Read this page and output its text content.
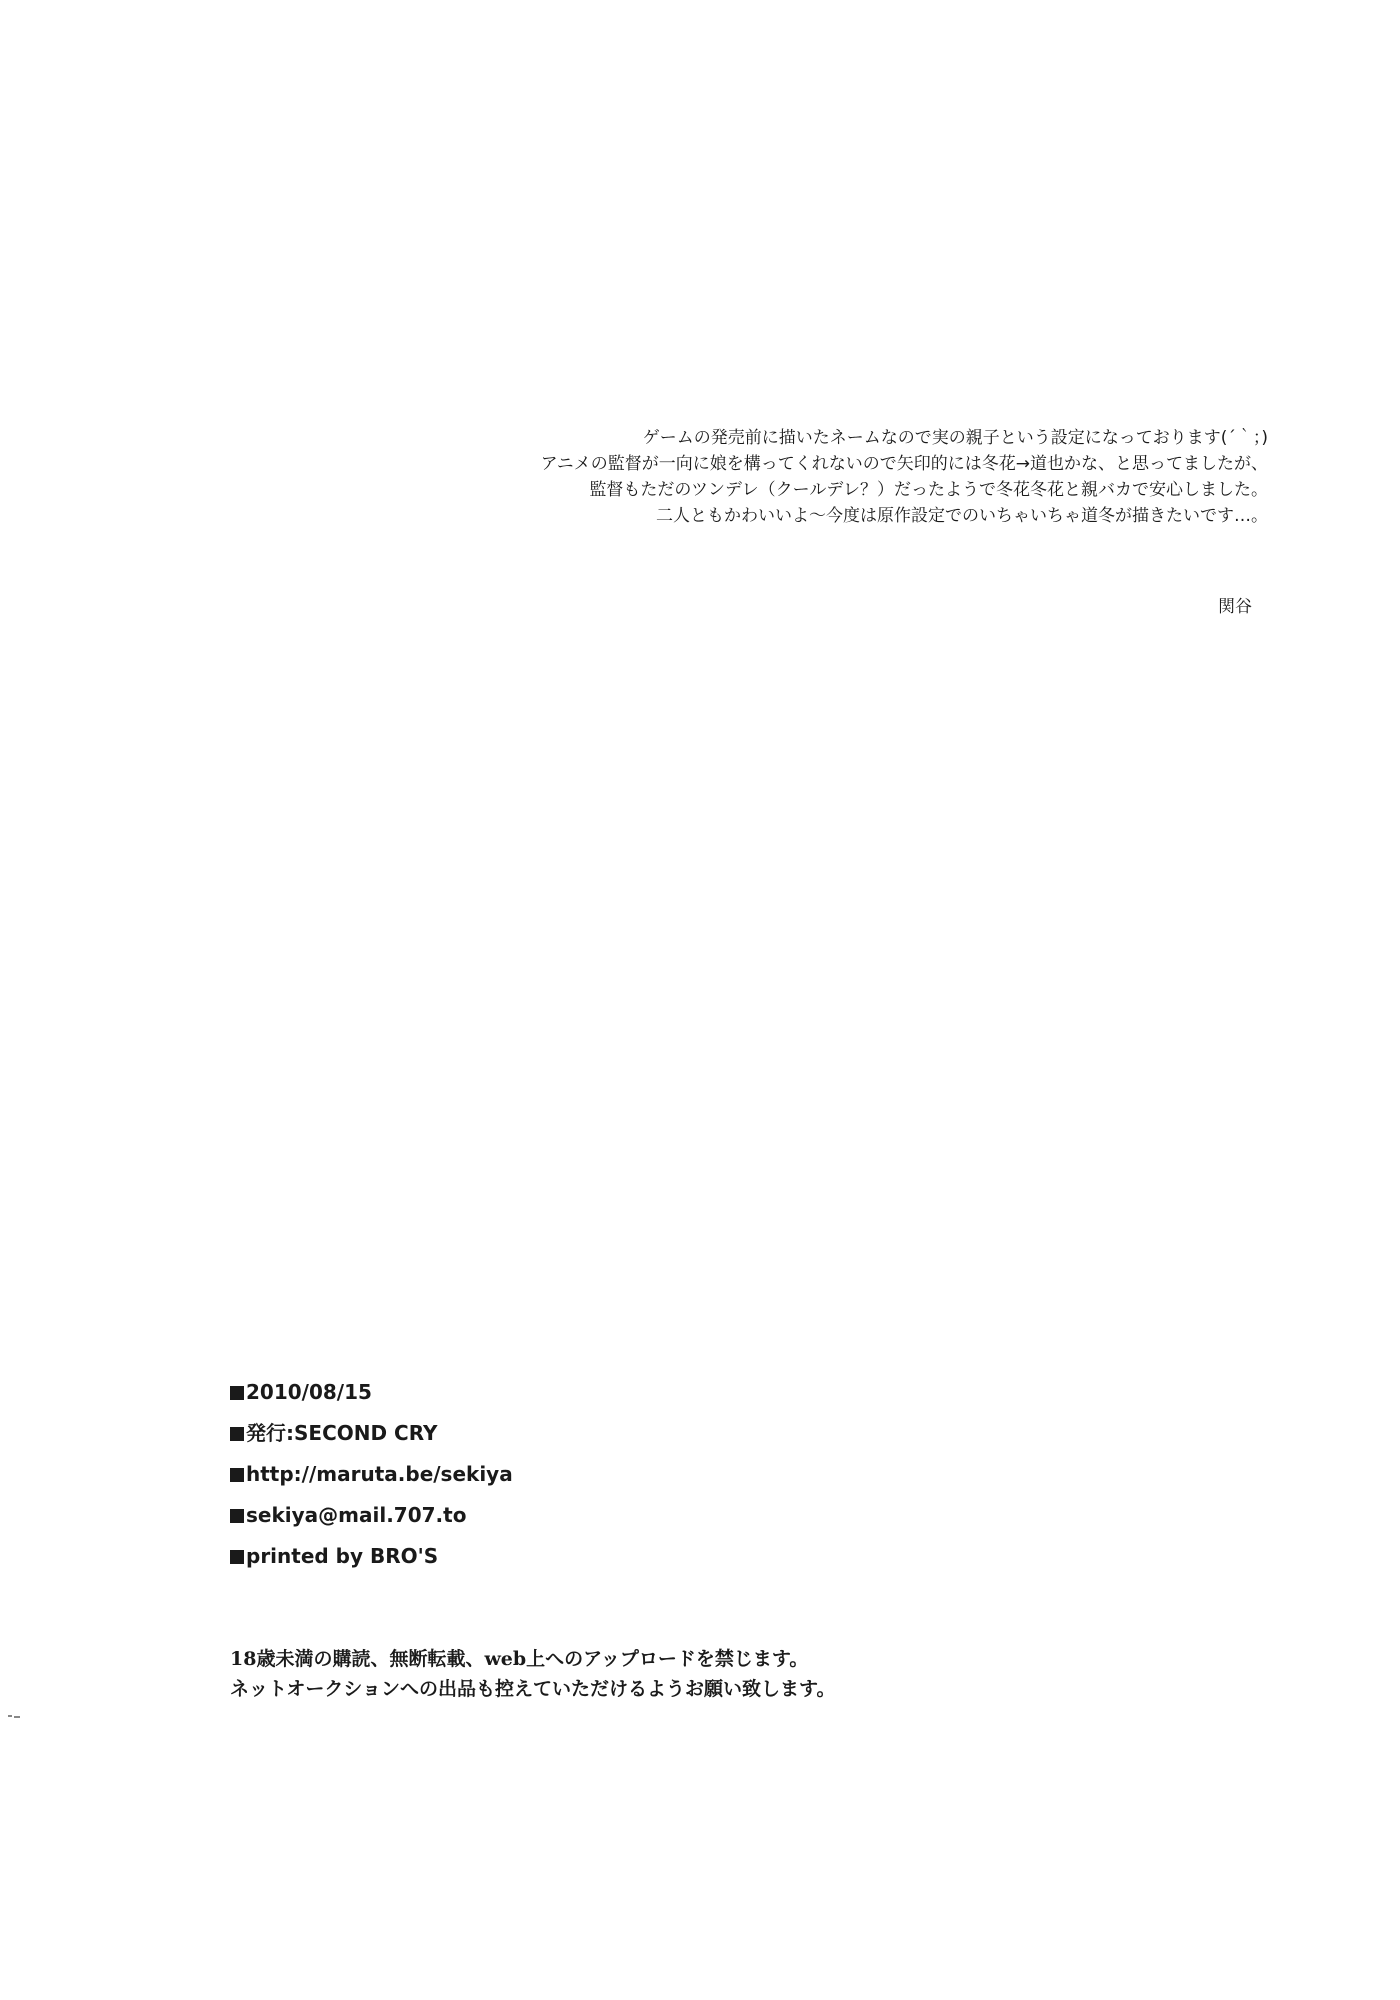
ゲームの発売前に描いたネームなので実の親子という設定になっております(´｀；)

アニメの監督が一向に娘を構ってくれないので矢印的には冬花→道也かな、と思ってましたが、

監督もただのツンデレ（クールデレ？）だったようで冬花冬花と親バカで安心しました。

二人ともかわいいよ～今度は原作設定でのいちゃいちゃ道冬が描きたいです…。

関谷
2010/08/15
発行:SECOND CRY
http://maruta.be/sekiya
sekiya@mail.707.to
printed by BRO'S

18歳未満の購読、無断転載、web上へのアップロードを禁じます。

ネットオークションへの出品も控えていただけるようお願い致します。
